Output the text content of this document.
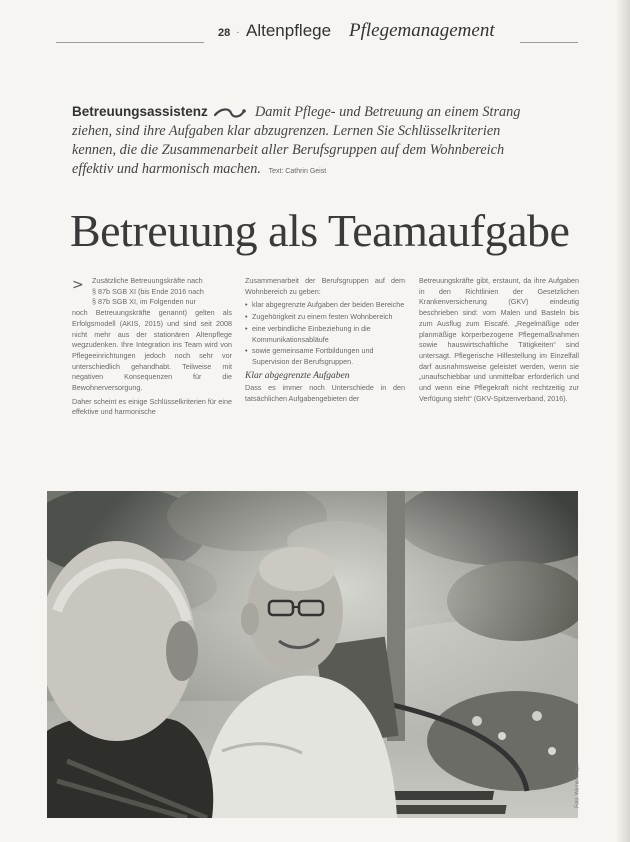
28 · Altenpflege Pflegemanagement
Betreuungsassistenz	Damit Pflege- und Betreuung an einem Strang ziehen, sind ihre Aufgaben klar abzugrenzen. Lernen Sie Schlüsselkriterien kennen, die die Zusammenarbeit aller Berufsgruppen auf dem Wohnbereich effektiv und harmonisch machen. Text: Cathrin Geist
Betreuung als Teamaufgabe

>	Zusätzliche Betreuungskräfte nach
§ 87b SGB XI (bis Ende 2016 nach
§ 87b SGB XI, im Folgenden nur
noch Betreuungskräfte genannt) gelten als Erfolgsmodell (AKIS, 2015) und sind seit 2008 nicht mehr aus der stationären Altenpflege wegzudenken. Ihre Integration ins Team wird von Pflegeeinrichtungen jedoch noch sehr vor unterschiedlich gehandhabt. Teilweise mit negativen Konsequenzen für die Bewohnerversorgung.

Daher scheint es einige Schlüsselkriterien für eine effektive und harmonische

Zusammenarbeit der Berufsgruppen auf dem Wohnbereich zu geben:

• klar abgegrenzte Aufgaben der beiden Bereiche
• Zugehörigkeit zu einem festen Wohnbereich
• eine verbindliche Einbeziehung in die Kommunikationsabläufe
• sowie gemeinsame Fortbildungen und Supervision der Berufsgruppen.
Klar abgegrenzte Aufgaben

Dass es immer noch Unterschiede in den tatsächlichen Aufgabengebieten der

Betreuungskräfte gibt, erstaunt, da ihre Aufgaben in den Richtlinien der Gesetzlichen Krankenversicherung (GKV) eindeutig beschrieben sind: vom Malen und Basteln bis zum Ausflug zum Eiscafé. „Regelmäßige oder planmäßige körperbezogene Pflegemaßnahmen sowie hauswirtschaftliche Tätigkeiten“ sind untersagt. Pflegerische Hilfestellung im Einzelfall darf ausnahmsweise geleistet werden, wenn sie „unaufschiebbar und unmittelbar erforderlich und und wenn eine Pflegekraft nicht rechtzeitig zur Verfügung steht“ (GKV-Spitzenverband, 2016).

Foto: Werner Krüper
